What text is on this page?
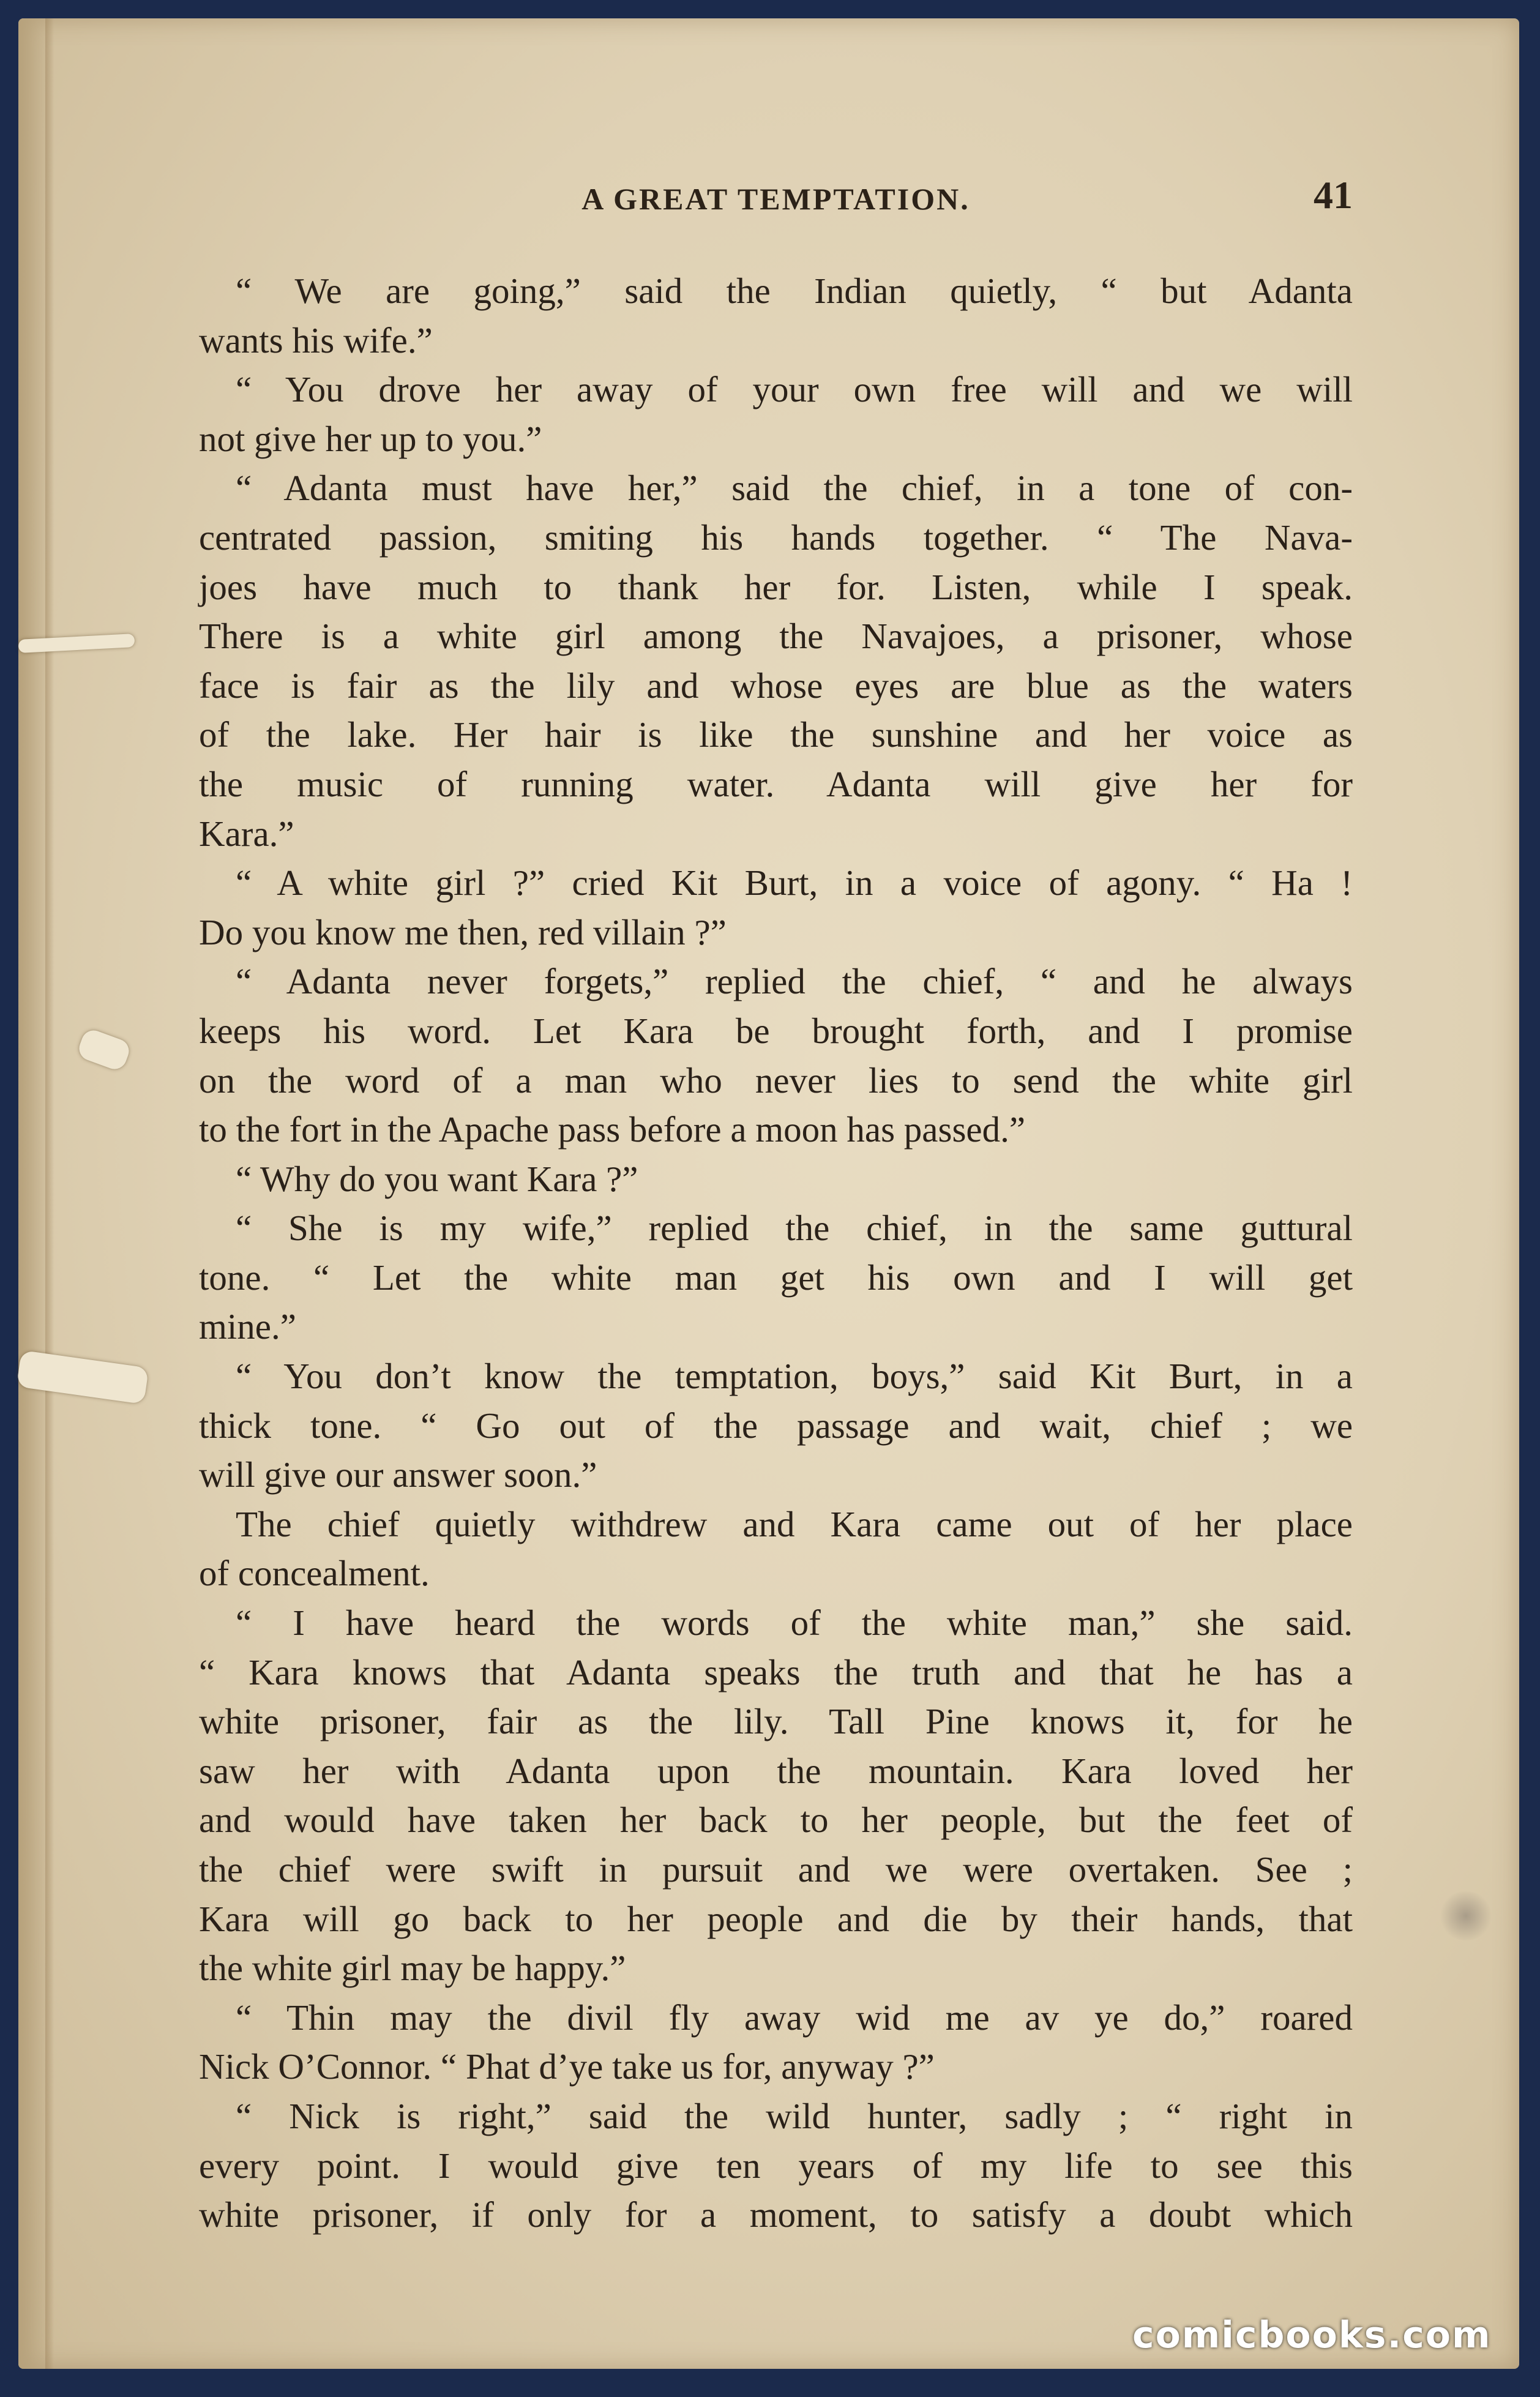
A GREAT TEMPTATION.	41
“ We are going,” said the Indian quietly, “ but Adanta
wants his wife.”
“ You drove her away of your own free will and we will
not give her up to you.”
“ Adanta must have her,” said the chief, in a tone of con-
centrated passion, smiting his hands together. “ The Nava-
joes have much to thank her for. Listen, while I speak.
There is a white girl among the Navajoes, a prisoner, whose
face is fair as the lily and whose eyes are blue as the waters
of the lake. Her hair is like the sunshine and her voice as
the music of running water. Adanta will give her for
Kara.”
“ A white girl ?” cried Kit Burt, in a voice of agony. “ Ha !
Do you know me then, red villain ?”
“ Adanta never forgets,” replied the chief, “ and he always
keeps his word. Let Kara be brought forth, and I promise
on the word of a man who never lies to send the white girl
to the fort in the Apache pass before a moon has passed.”
“ Why do you want Kara ?”
“ She is my wife,” replied the chief, in the same guttural
tone. “ Let the white man get his own and I will get
mine.”
“ You don’t know the temptation, boys,” said Kit Burt, in a
thick tone. “ Go out of the passage and wait, chief ; we
will give our answer soon.”
The chief quietly withdrew and Kara came out of her place
of concealment.
“ I have heard the words of the white man,” she said.
“ Kara knows that Adanta speaks the truth and that he has a
white prisoner, fair as the lily. Tall Pine knows it, for he
saw her with Adanta upon the mountain. Kara loved her
and would have taken her back to her people, but the feet of
the chief were swift in pursuit and we were overtaken. See ;
Kara will go back to her people and die by their hands, that
the white girl may be happy.”
“ Thin may the divil fly away wid me av ye do,” roared
Nick O’Connor. “ Phat d’ye take us for, anyway ?”
“ Nick is right,” said the wild hunter, sadly ; “ right in
every point. I would give ten years of my life to see this
white prisoner, if only for a moment, to satisfy a doubt which
comicbooks.com
